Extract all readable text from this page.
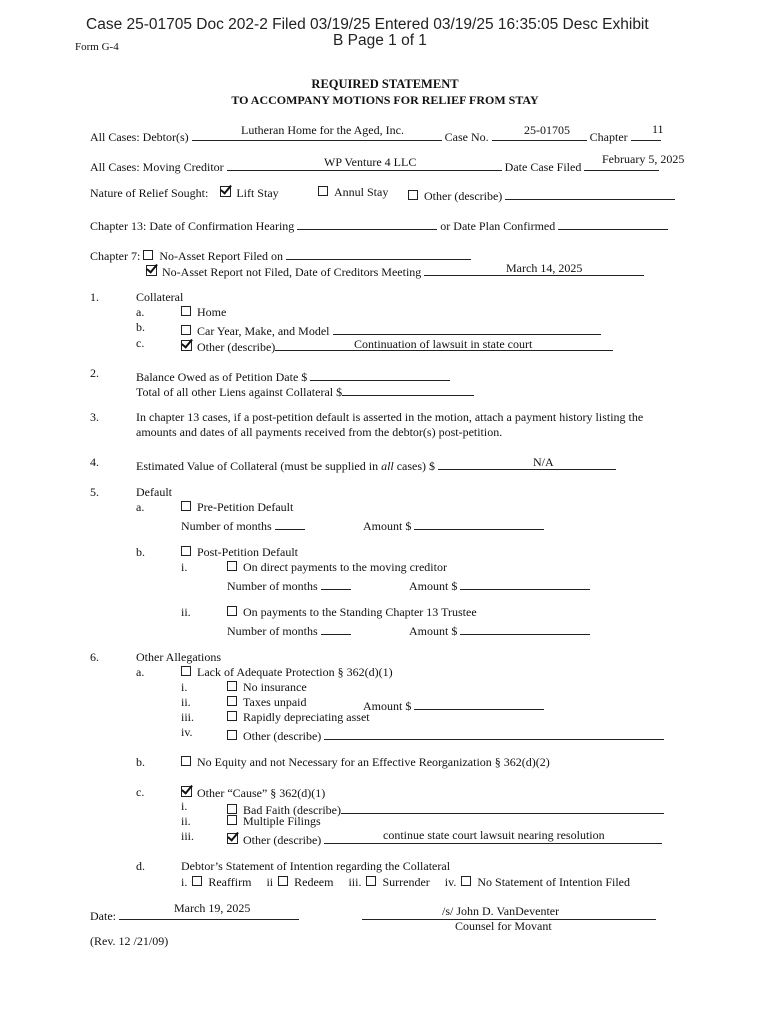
Case 25-01705 Doc 202-2 Filed 03/19/25 Entered 03/19/25 16:35:05 Desc Exhibit
B Page 1 of 1
Form G-4
REQUIRED STATEMENT
TO ACCOMPANY MOTIONS FOR RELIEF FROM STAY
All Cases: Debtor(s)	Case No.	Chapter
Lutheran Home for the Aged, Inc.	25-01705	11
All Cases: Moving Creditor	Date Case Filed
WP Venture 4 LLC	February 5, 2025
Nature of Relief Sought: Lift Stay	Annul Stay	Other (describe)
Chapter 13: Date of Confirmation Hearing	or Date Plan Confirmed
Chapter 7: No-Asset Report Filed on
No-Asset Report not Filed, Date of Creditors Meeting	March 14, 2025
1.	Collateral
a.	Home
b.	Car Year, Make, and Model
c.	Other (describe)	Continuation of lawsuit in state court
2.	Balance Owed as of Petition Date $
Total of all other Liens against Collateral $
3.	In chapter 13 cases, if a post-petition default is asserted in the motion, attach a payment history listing the
amounts and dates of all payments received from the debtor(s) post-petition.
4.	Estimated Value of Collateral (must be supplied in all cases) $	N/A
5.	Default
a.	Pre-Petition Default
Number of months	Amount $
b.	Post-Petition Default
i.	On direct payments to the moving creditor
Number of months	Amount $
ii.	On payments to the Standing Chapter 13 Trustee
Number of months	Amount $
6.	Other Allegations
a.	Lack of Adequate Protection § 362(d)(1)
i.	No insurance
ii.	Taxes unpaid	Amount $
iii.	Rapidly depreciating asset
iv.	Other (describe)
b.	No Equity and not Necessary for an Effective Reorganization § 362(d)(2)
c.	Other “Cause” § 362(d)(1)
i.	Bad Faith (describe)
ii.	Multiple Filings
iii.	Other (describe)	continue state court lawsuit nearing resolution
d.	Debtor’s Statement of Intention regarding the Collateral
i. Reaffirm ii Redeem iii. Surrender iv. No Statement of Intention Filed
Date:
March 19, 2025	/s/ John D. VanDeventer
Counsel for Movant
(Rev. 12 /21/09)
